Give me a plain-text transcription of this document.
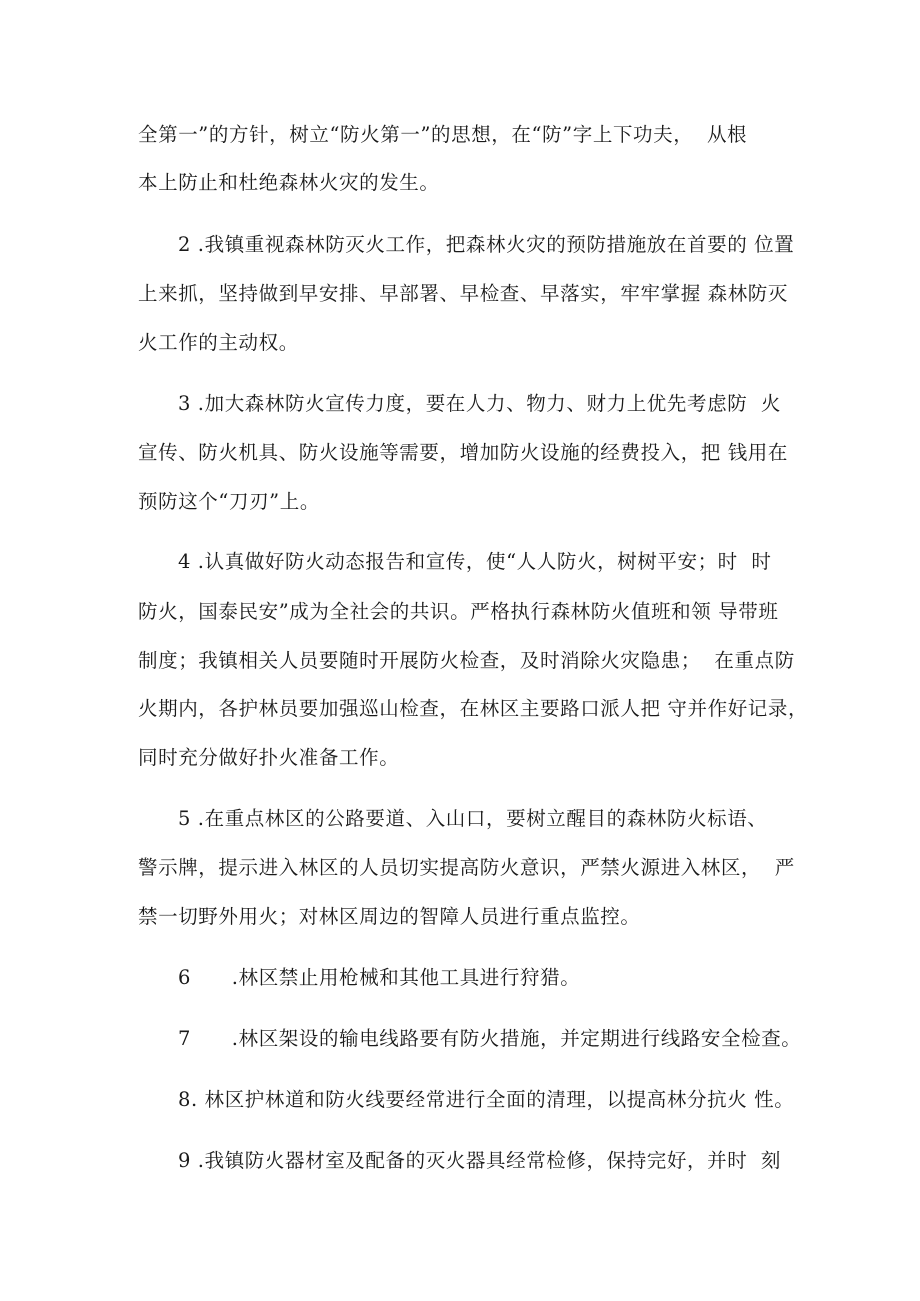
全第一”的方针，树立“防火第一”的思想，在“防”字上下功夫，  从根
本上防止和杜绝森林火灾的发生。
2 .我镇重视森林防灭火工作，把森林火灾的预防措施放在首要的 位置
上来抓，坚持做到早安排、早部署、早检查、早落实，牢牢掌握 森林防灭
火工作的主动权。
3 .加大森林防火宣传力度，要在人力、物力、财力上优先考虑防  火
宣传、防火机具、防火设施等需要，增加防火设施的经费投入，把 钱用在
预防这个“刀刃”上。
4 .认真做好防火动态报告和宣传，使“人人防火，树树平安；时  时
防火，国泰民安”成为全社会的共识。严格执行森林防火值班和领 导带班
制度；我镇相关人员要随时开展防火检查，及时消除火灾隐患；  在重点防
火期内，各护林员要加强巡山检查，在林区主要路口派人把 守并作好记录，
同时充分做好扑火准备工作。
5 .在重点林区的公路要道、入山口，要树立醒目的森林防火标语、
警示牌，提示进入林区的人员切实提高防火意识，严禁火源进入林区，  严
禁一切野外用火；对林区周边的智障人员进行重点监控。
6      .林区禁止用枪械和其他工具进行狩猎。
7      .林区架设的输电线路要有防火措施，并定期进行线路安全检查。
8. 林区护林道和防火线要经常进行全面的清理，以提高林分抗火 性。
9 .我镇防火器材室及配备的灭火器具经常检修，保持完好，并时  刻
